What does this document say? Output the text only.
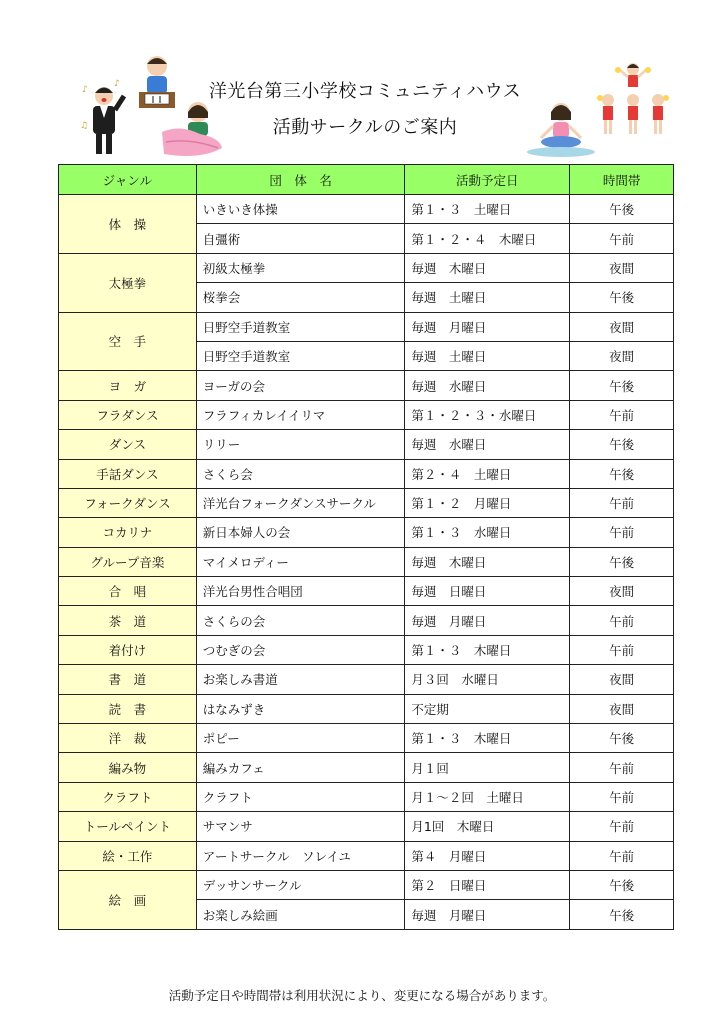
♪
♫
♪	洋光台第三小学校コミュニティハウス
活動サークルのご案内
ジャンル	団　体　名	活動予定日	時間帯
体　操	いきいき体操	第１・３　土曜日	午後
	自彊術	第１・２・４　木曜日	午前
太極拳	初級太極拳	毎週　木曜日	夜間
	桜拳会	毎週　土曜日	午後
空　手	日野空手道教室	毎週　月曜日	夜間
	日野空手道教室	毎週　土曜日	夜間
ヨ　ガ	ヨーガの会	毎週　水曜日	午後
フラダンス	フラフィカレイイリマ	第１・２・３・水曜日	午前
ダンス	リリー	毎週　水曜日	午後
手話ダンス	さくら会	第２・４　土曜日	午後
フォークダンス	洋光台フォークダンスサークル	第１・２　月曜日	午前
コカリナ	新日本婦人の会	第１・３　水曜日	午前
グループ音楽	マイメロディー	毎週　木曜日	午後
合　唱	洋光台男性合唱団	毎週　日曜日	夜間
茶　道	さくらの会	毎週　月曜日	午前
着付け	つむぎの会	第１・３　木曜日	午前
書　道	お楽しみ書道	月３回　水曜日	夜間
読　書	はなみずき	不定期	夜間
洋　裁	ポピー	第１・３　木曜日	午後
編み物	編みカフェ	月１回	午前
クラフト	クラフト	月１～２回　土曜日	午前
トールペイント	サマンサ	月1回　木曜日	午前
絵・工作	アートサークル　ソレイユ	第４　月曜日	午前
絵　画	デッサンサークル	第２　日曜日	午後
	お楽しみ絵画	毎週　月曜日	午後
活動予定日や時間帯は利用状況により、変更になる場合があります。
